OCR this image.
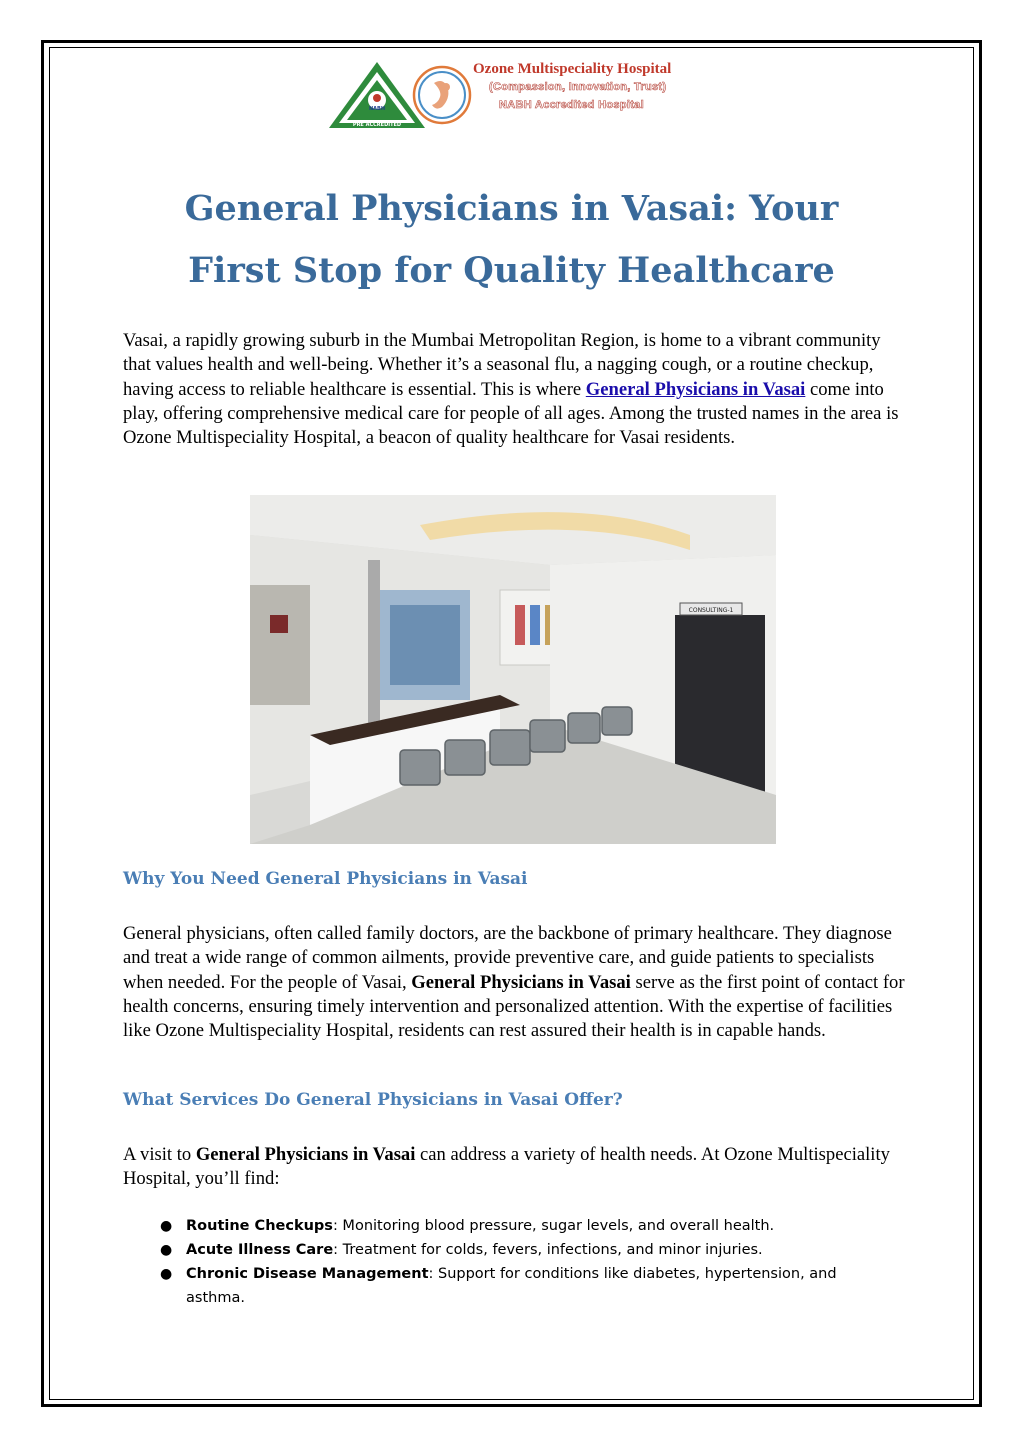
NABH
PRE ACCREDITED
Ozone Multispeciality Hospital
(Compassion, Innovation, Trust)
NABH Accredited Hospital
General Physicians in Vasai: Your
First Stop for Quality Healthcare

Vasai, a rapidly growing suburb in the Mumbai Metropolitan Region, is home to a vibrant community that values health and well-being. Whether it’s a seasonal flu, a nagging cough, or a routine checkup, having access to reliable healthcare is essential. This is where General Physicians in Vasai come into play, offering comprehensive medical care for people of all ages. Among the trusted names in the area is Ozone Multispeciality Hospital, a beacon of quality healthcare for Vasai residents.

CONSULTING-1
Why You Need General Physicians in Vasai

General physicians, often called family doctors, are the backbone of primary healthcare. They diagnose and treat a wide range of common ailments, provide preventive care, and guide patients to specialists when needed. For the people of Vasai, General Physicians in Vasai serve as the first point of contact for health concerns, ensuring timely intervention and personalized attention. With the expertise of facilities like Ozone Multispeciality Hospital, residents can rest assured their health is in capable hands.

What Services Do General Physicians in Vasai Offer?

A visit to General Physicians in Vasai can address a variety of health needs. At Ozone Multispeciality Hospital, you’ll find:

● Routine Checkups: Monitoring blood pressure, sugar levels, and overall health.
● Acute Illness Care: Treatment for colds, fevers, infections, and minor injuries.
● Chronic Disease Management: Support for conditions like diabetes, hypertension, and asthma.
